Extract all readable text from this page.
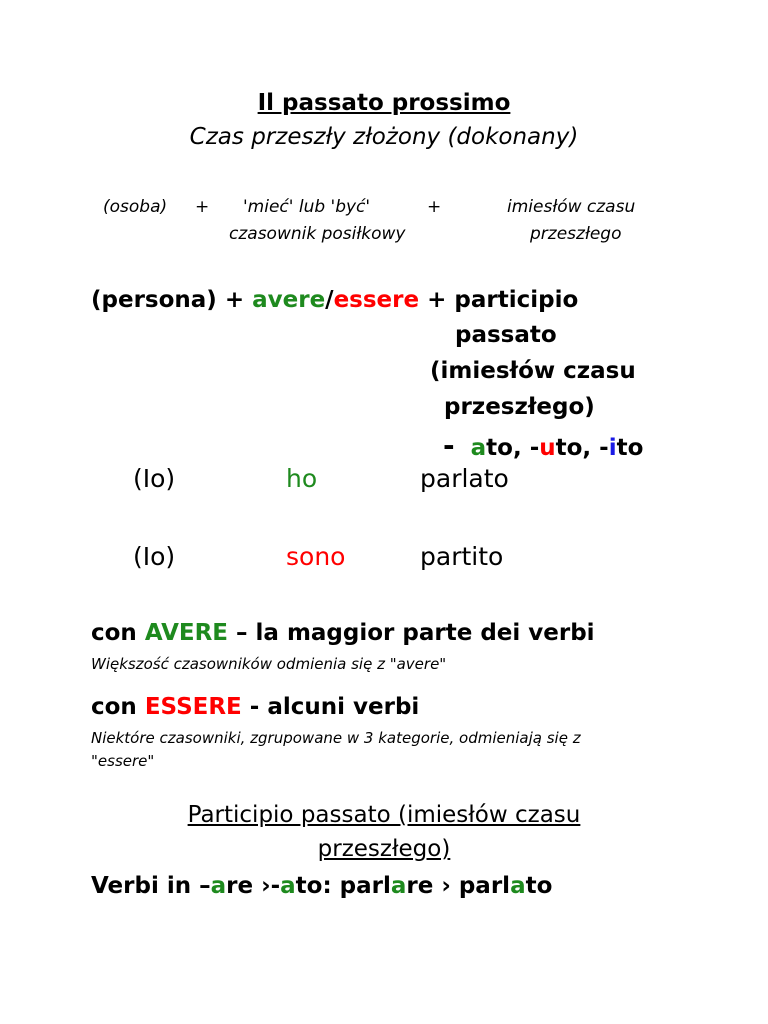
Il passato prossimo
Czas przeszły złożony (dokonany)
(osoba) + 'mieć' lub 'być'
czasownik posiłkowy
+	imiesłów czasu
przeszłego
(persona) + avere/essere + participio
passato
(imiesłów czasu
przeszłego)
- ato, -uto, -ito
(Io)	ho	parlato
(Io)	sono	partito
con AVERE – la maggior parte dei verbi
Większość czasowników odmienia się z "avere"
con ESSERE - alcuni verbi
Niektóre czasowniki, zgrupowane w 3 kategorie, odmieniają się z
"essere"
Participio passato (imiesłów czasu
przeszłego)
Verbi in –are ›-ato: parlare › parlato
